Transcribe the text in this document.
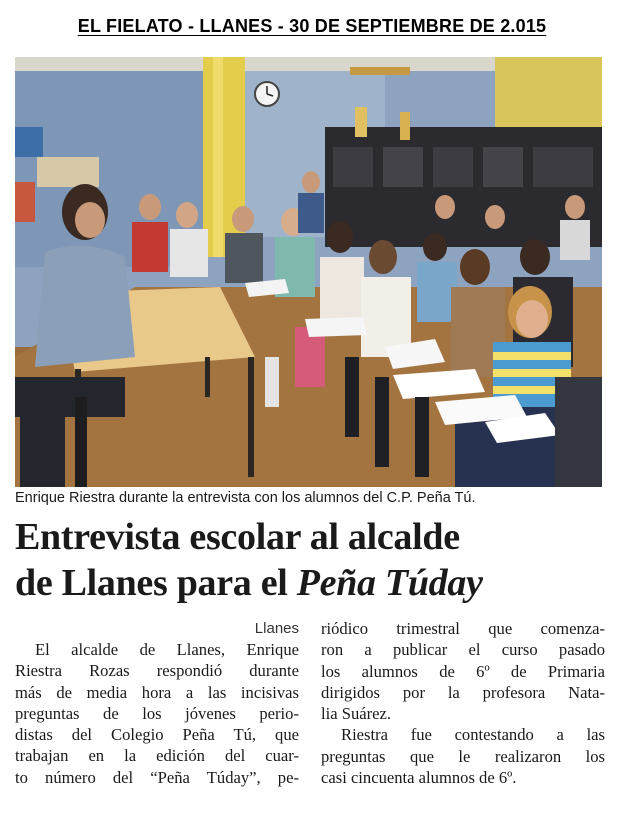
EL FIELATO - LLANES - 30 DE SEPTIEMBRE DE 2.015
Enrique Riestra durante la entrevista con los alumnos del C.P. Peña Tú.
Entrevista escolar al alcalde
de Llanes para el Peña Túday
Llanes
El alcalde de Llanes, Enrique
Riestra Rozas respondió durante
más de media hora a las incisivas
preguntas de los jóvenes perio-
distas del Colegio Peña Tú, que
trabajan en la edición del cuar-
to número del “Peña Túday”, pe-
riódico trimestral que comenza-
ron a publicar el curso pasado
los alumnos de 6º de Primaria
dirigidos por la profesora Nata-
lia Suárez.
Riestra fue contestando a las
preguntas que le realizaron los
casi cincuenta alumnos de 6º.
